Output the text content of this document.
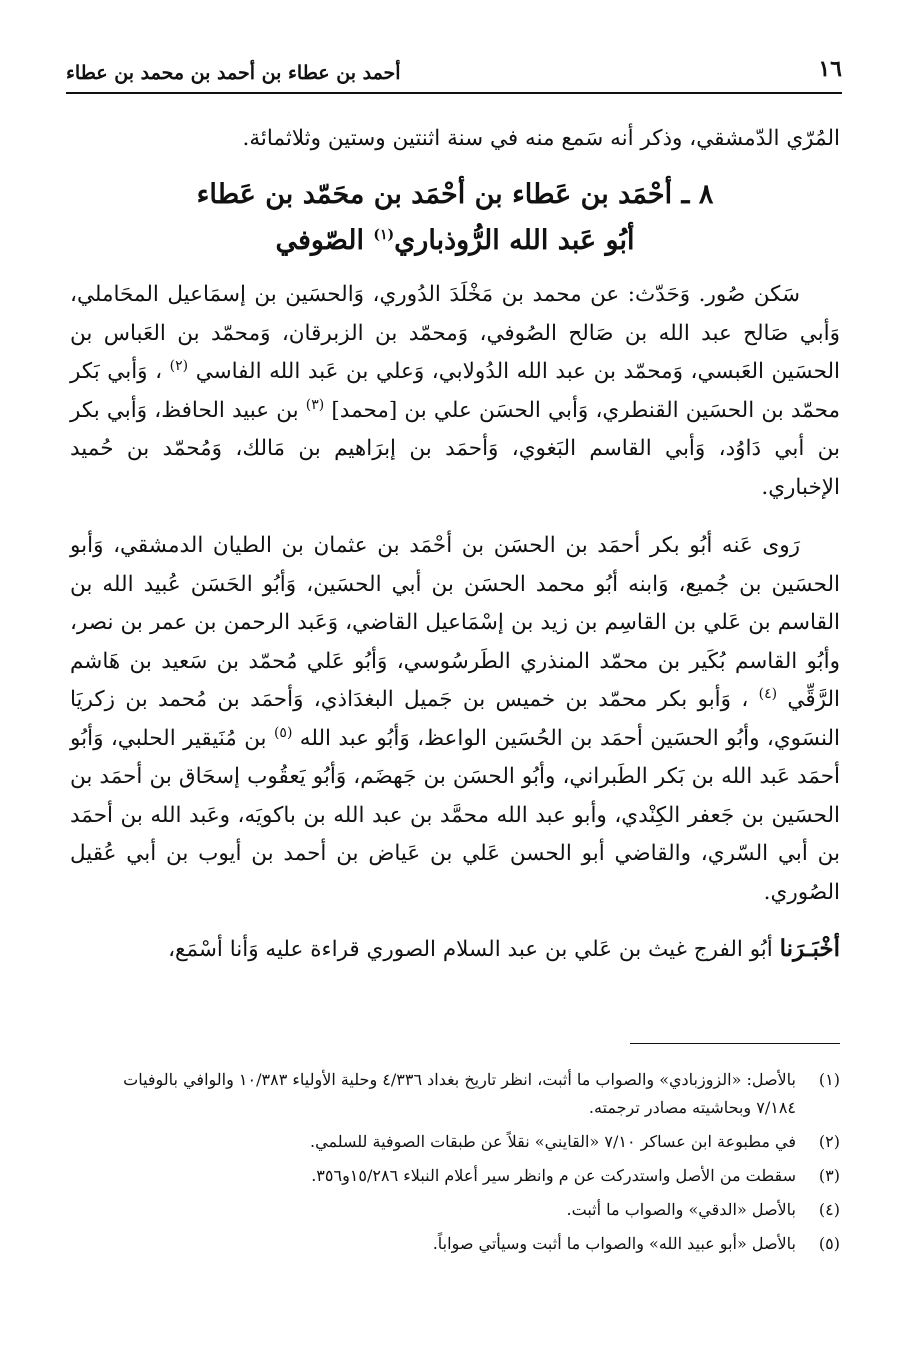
١٦
أحمد بن عطاء بن أحمد بن محمد بن عطاء

المُرّي الدّمشقي، وذكر أنه سَمع منه في سنة اثنتين وستين وثلاثمائة.

٨ ـ أحْمَد بن عَطاء بن أحْمَد بن محَمّد بن عَطاء
أبُو عَبد الله الرُّوذباري$^{(١)}$ الصّوفي

سَكن صُور. وَحَدّث: عن محمد بن مَخْلَدَ الدُوري، وَالحسَين بن إسمَاعيل المحَاملي، وَأبي صَالح عبد الله بن صَالح الصُوفي، وَمحمّد بن الزبرقان، وَمحمّد بن العَباس بن الحسَين العَبسي، وَمحمّد بن عبد الله الدُولابي، وَعلي بن عَبد الله الفاسي $^{(٢)}$ ، وَأبي بَكر محمّد بن الحسَين القنطري، وَأبي الحسَن علي بن [محمد] $^{(٣)}$ بن عبيد الحافظ، وَأبي بكر بن أبي دَاوُد، وَأبي القاسم البَغوي، وَأحمَد بن إبرَاهيم بن مَالك، وَمُحمّد بن حُميد الإخباري.

رَوى عَنه أبُو بكر أحمَد بن الحسَن بن أحْمَد بن عثمان بن الطيان الدمشقي، وَأبو الحسَين بن جُميع، وَابنه أبُو محمد الحسَن بن أبي الحسَين، وَأبُو الحَسَن عُبيد الله بن القاسم بن عَلي بن القاسِم بن زيد بن إسْمَاعيل القاضي، وَعَبد الرحمن بن عمر بن نصر، وأبُو القاسم بُكَير بن محمّد المنذري الطَرسُوسي، وَأبُو عَلي مُحمّد بن سَعيد بن هَاشم الرَّقِّي $^{(٤)}$ ، وَأبو بكر محمّد بن خميس بن جَميل البغدَاذي، وَأحمَد بن مُحمد بن زكريَا النسَوي، وأبُو الحسَين أحمَد بن الحُسَين الواعظ، وَأبُو عبد الله $^{(٥)}$ بن مُنَيقير الحلبي، وَأبُو أحمَد عَبد الله بن بَكر الطَبراني، وأبُو الحسَن بن جَهضَم، وَأبُو يَعقُوب إسحَاق بن أحمَد بن الحسَين بن جَعفر الكِنْدي، وأبو عبد الله محمَّد بن عبد الله بن باكويَه، وعَبد الله بن أحمَد بن أبي السّري، والقاضي أبو الحسن عَلي بن عَياض بن أحمد بن أيوب بن أبي عُقيل الصُوري.

أخْبَـرَنا أبُو الفرج غيث بن عَلي بن عبد السلام الصوري قراءة عليه وَأنا أسْمَع،

(١)
بالأصل: «الزوزبادي» والصواب ما أثبت، انظر تاريخ بغداد ٤/٣٣٦ وحلية الأولياء ١٠/٣٨٣ والوافي بالوفيات ٧/١٨٤ وبحاشيته مصادر ترجمته.
(٢)
في مطبوعة ابن عساكر ٧/١٠ «القايني» نقلاً عن طبقات الصوفية للسلمي.
(٣)
سقطت من الأصل واستدركت عن م وانظر سير أعلام النبلاء ١٥/٢٨٦و٣٥٦.
(٤)
بالأصل «الدقي» والصواب ما أثبت.
(٥)
بالأصل «أبو عبيد الله» والصواب ما أثبت وسيأتي صواباً.
